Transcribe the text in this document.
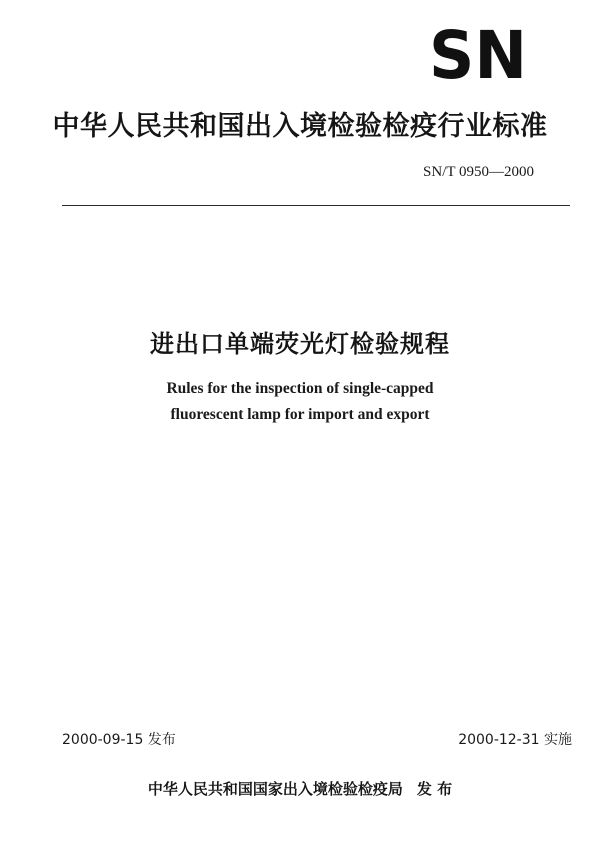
SN
中华人民共和国出入境检验检疫行业标准
SN/T 0950—2000
进出口单端荧光灯检验规程
Rules for the inspection of single-capped
fluorescent lamp for import and export
2000-09-15 发布	2000-12-31 实施
中华人民共和国国家出入境检验检疫局 发 布
